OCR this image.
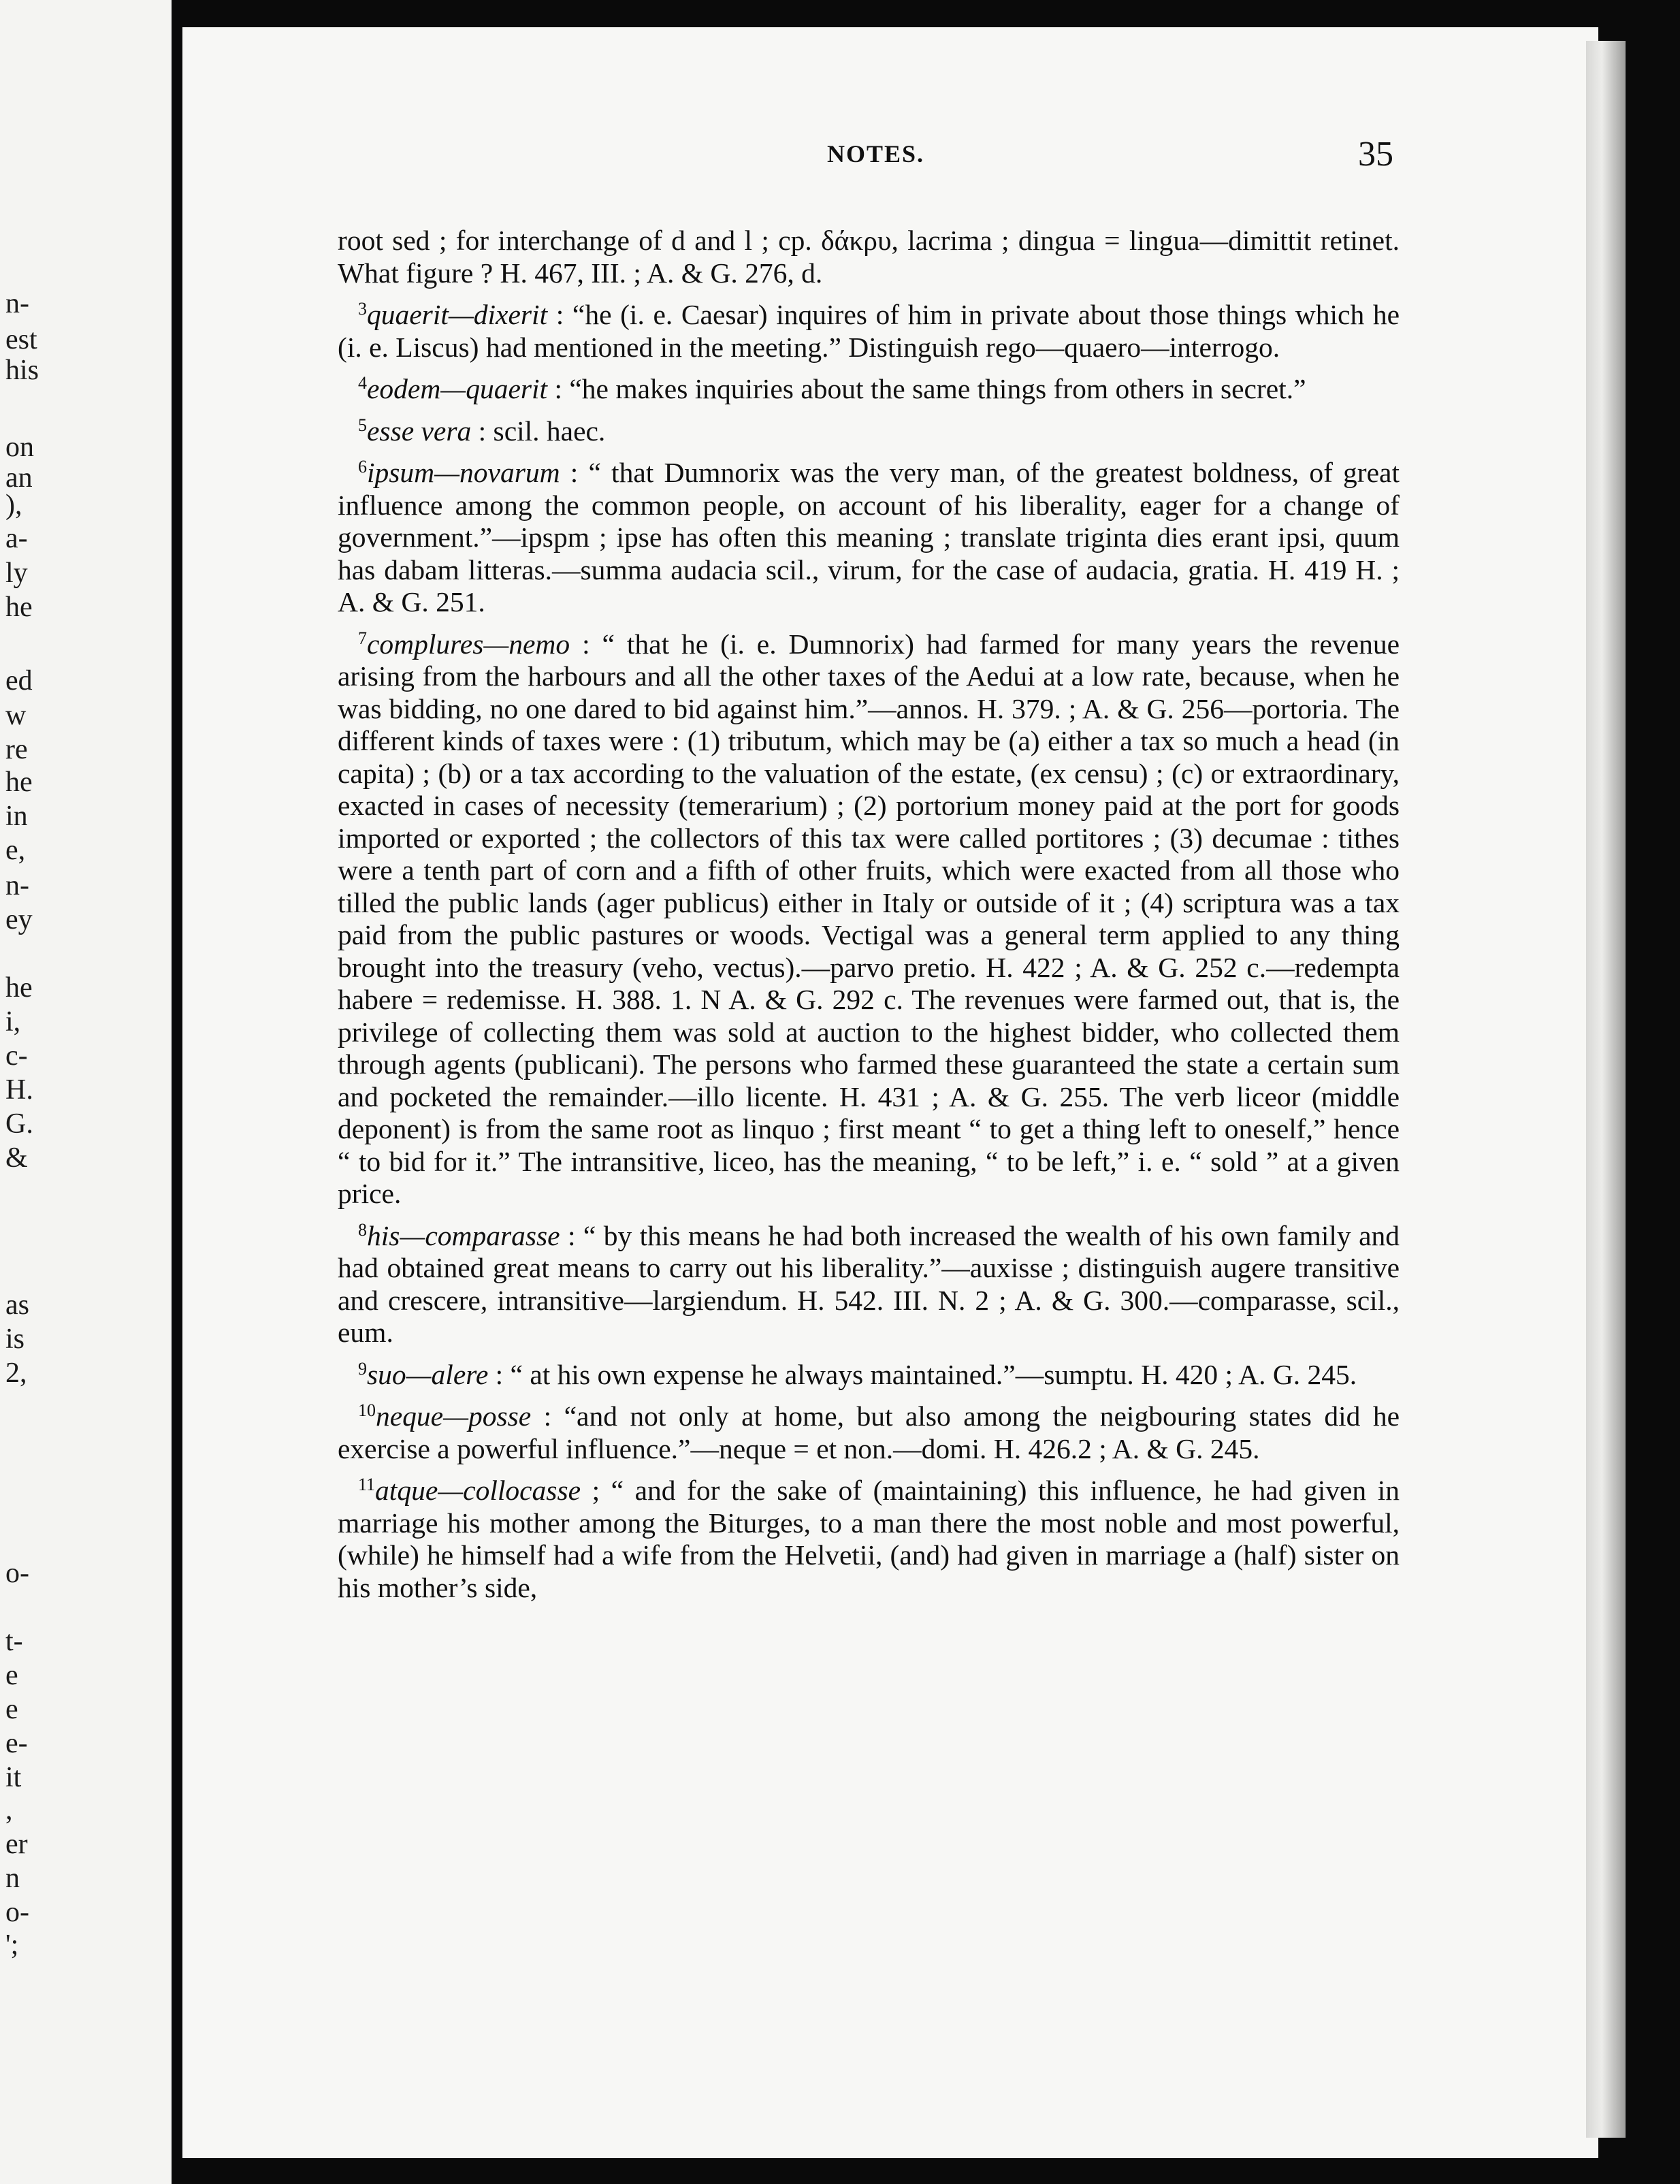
n-
est
his
on
an
),
a-
ly
he
ed
w
re
he
in
e,
n-
ey
he
i,
c-
H.
G.
&
as
is
2,
o-
t-
e
e
e-
it
,
er
n
o-
';
NOTES.	35
root sed ; for interchange of d and l ; cp. δάκρυ, lacrima ; dingua = lingua—dimittit retinet. What figure ? H. 467, III. ; A. & G. 276, d.
$^3$quaerit—dixerit : “he (i. e. Caesar) inquires of him in private about those things which he (i. e. Liscus) had mentioned in the meeting.” Distinguish rego—quaero—interrogo.
$^4$eodem—quaerit : “he makes inquiries about the same things from others in secret.”
$^5$esse vera : scil. haec.
$^6$ipsum—novarum : “ that Dumnorix was the very man, of the greatest boldness, of great influence among the common people, on account of his liberality, eager for a change of government.”—ipspm ; ipse has often this meaning ; translate triginta dies erant ipsi, quum has dabam litteras.—summa audacia scil., virum, for the case of audacia, gratia. H. 419 H. ; A. & G. 251.
$^7$complures—nemo : “ that he (i. e. Dumnorix) had farmed for many years the revenue arising from the harbours and all the other taxes of the Aedui at a low rate, because, when he was bidding, no one dared to bid against him.”—annos. H. 379. ; A. & G. 256—portoria. The different kinds of taxes were : (1) tributum, which may be (a) either a tax so much a head (in capita) ; (b) or a tax according to the valuation of the estate, (ex censu) ; (c) or extraordinary, exacted in cases of necessity (temerarium) ; (2) portorium money paid at the port for goods imported or exported ; the collectors of this tax were called portitores ; (3) decumae : tithes were a tenth part of corn and a fifth of other fruits, which were exacted from all those who tilled the public lands (ager publicus) either in Italy or outside of it ; (4) scriptura was a tax paid from the public pastures or woods. Vectigal was a general term applied to any thing brought into the treasury (veho, vectus).—parvo pretio. H. 422 ; A. & G. 252 c.—redempta habere = redemisse. H. 388. 1. N A. & G. 292 c. The revenues were farmed out, that is, the privilege of collecting them was sold at auction to the highest bidder, who collected them through agents (publicani). The persons who farmed these guaranteed the state a certain sum and pocketed the remainder.—illo licente. H. 431 ; A. & G. 255. The verb liceor (middle deponent) is from the same root as linquo ; first meant “ to get a thing left to oneself,” hence “ to bid for it.” The intransitive, liceo, has the meaning, “ to be left,” i. e. “ sold ” at a given price.
$^8$his—comparasse : “ by this means he had both increased the wealth of his own family and had obtained great means to carry out his liberality.”—auxisse ; distinguish augere transitive and crescere, intransitive—largiendum. H. 542. III. N. 2 ; A. & G. 300.—comparasse, scil., eum.
$^9$suo—alere : “ at his own expense he always maintained.”—sumptu. H. 420 ; A. G. 245.
$^{10}$neque—posse : “and not only at home, but also among the neigbouring states did he exercise a powerful influence.”—neque = et non.—domi. H. 426.2 ; A. & G. 245.
$^{11}$atque—collocasse ; “ and for the sake of (maintaining) this influence, he had given in marriage his mother among the Biturges, to a man there the most noble and most powerful, (while) he himself had a wife from the Helvetii, (and) had given in marriage a (half) sister on his mother’s side,
